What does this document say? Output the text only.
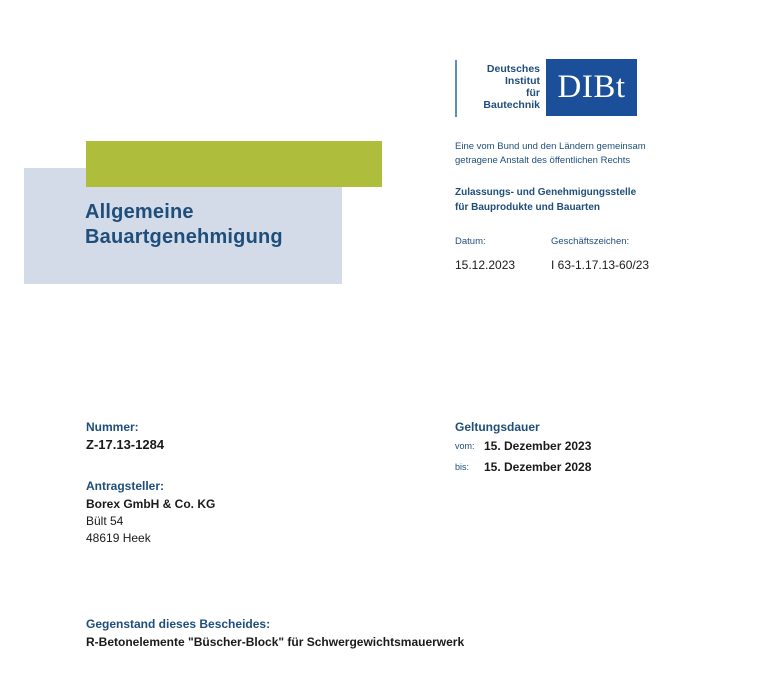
Allgemeine
Bauartgenehmigung
Deutsches
Institut
für
Bautechnik DIBt
Eine vom Bund und den Ländern gemeinsam
getragene Anstalt des öffentlichen Rechts
Zulassungs- und Genehmigungsstelle
für Bauprodukte und Bauarten
Datum:
15.12.2023
Geschäftszeichen:
I 63-1.17.13-60/23
Nummer:
Z-17.13-1284
Geltungsdauer
vom: 15. Dezember 2023
bis: 15. Dezember 2028
Antragsteller:
Borex GmbH & Co. KG
Bült 54
48619 Heek
Gegenstand dieses Bescheides:
R-Betonelemente "Büscher-Block" für Schwergewichtsmauerwerk
